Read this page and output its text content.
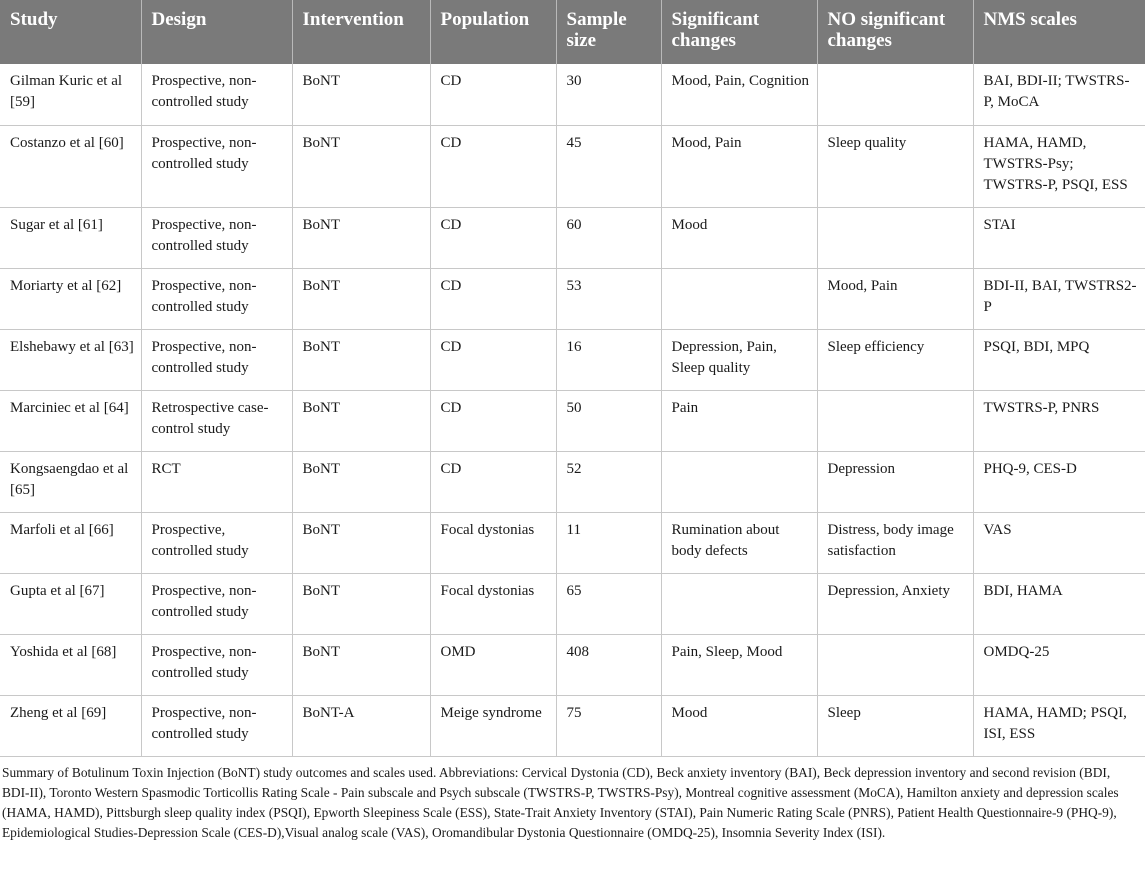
Study	Design	Intervention	Population	Sample size	Significant changes	NO significant changes	NMS scales
Gilman Kuric et al [59]	Prospective, non-controlled study	BoNT	CD	30	Mood, Pain, Cognition		BAI, BDI-II; TWSTRS-P, MoCA
Costanzo et al [60]	Prospective, non-controlled study	BoNT	CD	45	Mood, Pain	Sleep quality	HAMA, HAMD, TWSTRS-Psy; TWSTRS-P, PSQI, ESS
Sugar et al [61]	Prospective, non-controlled study	BoNT	CD	60	Mood		STAI
Moriarty et al [62]	Prospective, non-controlled study	BoNT	CD	53		Mood, Pain	BDI-II, BAI, TWSTRS2-P
Elshebawy et al [63]	Prospective, non-controlled study	BoNT	CD	16	Depression, Pain, Sleep quality	Sleep efficiency	PSQI, BDI, MPQ
Marciniec et al [64]	Retrospective case-control study	BoNT	CD	50	Pain		TWSTRS-P, PNRS
Kongsaengdao et al [65]	RCT	BoNT	CD	52		Depression	PHQ-9, CES-D
Marfoli et al [66]	Prospective, controlled study	BoNT	Focal dystonias	11	Rumination about body defects	Distress, body image satisfaction	VAS
Gupta et al [67]	Prospective, non-controlled study	BoNT	Focal dystonias	65		Depression, Anxiety	BDI, HAMA
Yoshida et al [68]	Prospective, non-controlled study	BoNT	OMD	408	Pain, Sleep, Mood		OMDQ-25
Zheng et al [69]	Prospective, non-controlled study	BoNT-A	Meige syndrome	75	Mood	Sleep	HAMA, HAMD; PSQI, ISI, ESS
Summary of Botulinum Toxin Injection (BoNT) study outcomes and scales used. Abbreviations: Cervical Dystonia (CD), Beck anxiety inventory (BAI), Beck depression inventory and second revision (BDI, BDI-II), Toronto Western Spasmodic Torticollis Rating Scale - Pain subscale and Psych subscale (TWSTRS-P, TWSTRS-Psy), Montreal cognitive assessment (MoCA), Hamilton anxiety and depression scales (HAMA, HAMD), Pittsburgh sleep quality index (PSQI), Epworth Sleepiness Scale (ESS), State-Trait Anxiety Inventory (STAI), Pain Numeric Rating Scale (PNRS), Patient Health Questionnaire-9 (PHQ-9), Epidemiological Studies-Depression Scale (CES-D),Visual analog scale (VAS), Oromandibular Dystonia Questionnaire (OMDQ-25), Insomnia Severity Index (ISI).
